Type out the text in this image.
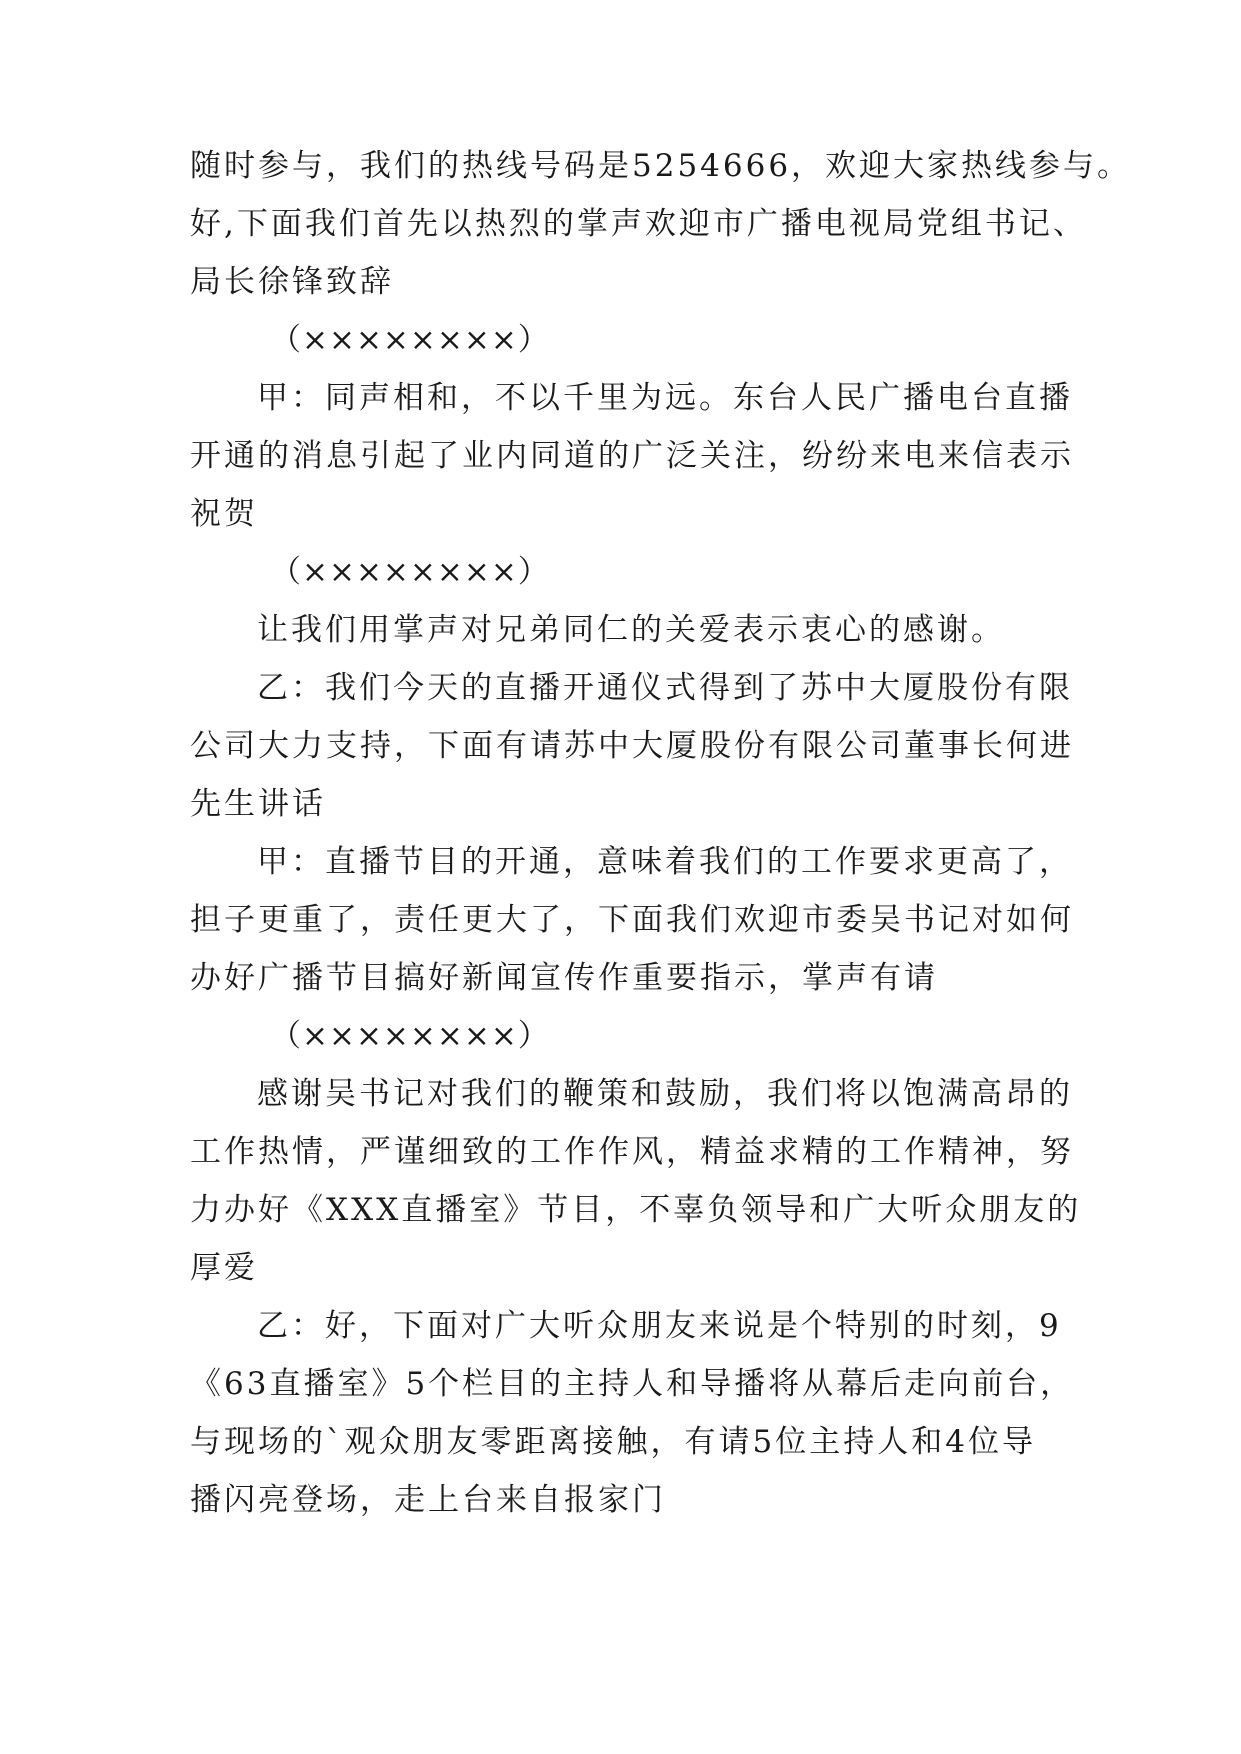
随时参与，我们的热线号码是5254666，欢迎大家热线参与。
好,下面我们首先以热烈的掌声欢迎市广播电视局党组书记、
局长徐锋致辞
（××××××××）
甲：同声相和，不以千里为远。东台人民广播电台直播
开通的消息引起了业内同道的广泛关注，纷纷来电来信表示
祝贺
（××××××××）
让我们用掌声对兄弟同仁的关爱表示衷心的感谢。
乙：我们今天的直播开通仪式得到了苏中大厦股份有限
公司大力支持，下面有请苏中大厦股份有限公司董事长何进
先生讲话
甲：直播节目的开通，意味着我们的工作要求更高了，
担子更重了，责任更大了，下面我们欢迎市委吴书记对如何
办好广播节目搞好新闻宣传作重要指示，掌声有请
（××××××××）
感谢吴书记对我们的鞭策和鼓励，我们将以饱满高昂的
工作热情，严谨细致的工作作风，精益求精的工作精神，努
力办好《XXX直播室》节目，不辜负领导和广大听众朋友的
厚爱
乙：好，下面对广大听众朋友来说是个特别的时刻，9
《63直播室》5个栏目的主持人和导播将从幕后走向前台，
与现场的`观众朋友零距离接触，有请5位主持人和4位导
播闪亮登场，走上台来自报家门
